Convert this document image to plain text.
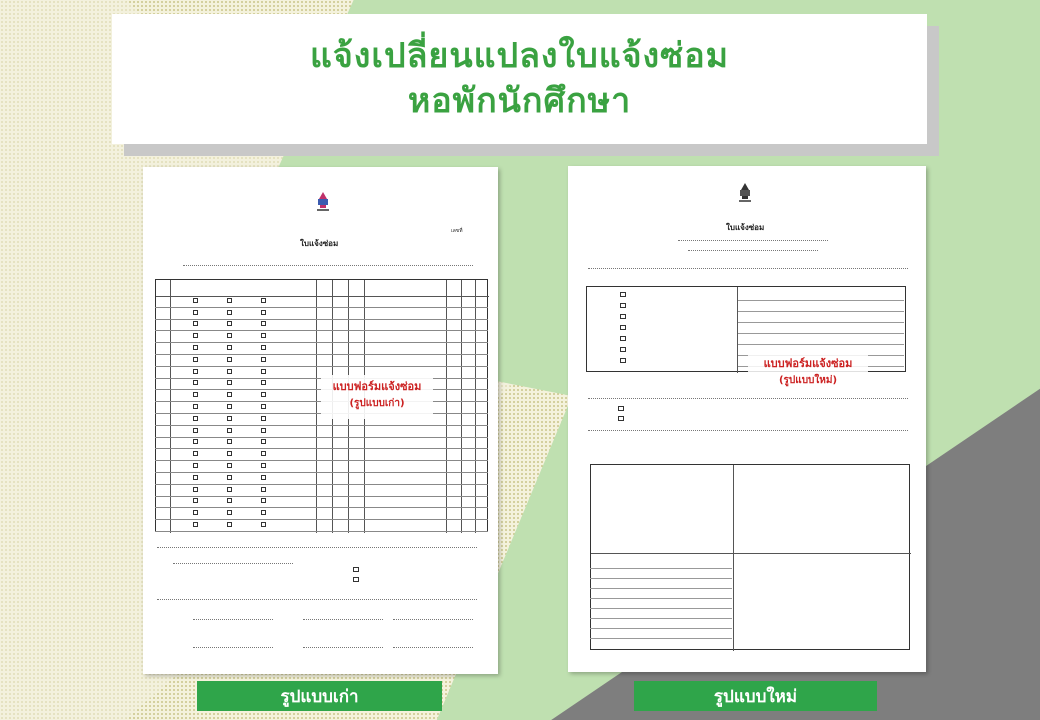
แจ้งเปลี่ยนแปลงใบแจ้งซ่อม
หอพักนักศึกษา
เลขที่
ใบแจ้งซ่อม
แบบฟอร์มแจ้งซ่อม
(รูปแบบเก่า)
ใบแจ้งซ่อม
แบบฟอร์มแจ้งซ่อม
(รูปแบบใหม่)
รูปแบบเก่า	รูปแบบใหม่
